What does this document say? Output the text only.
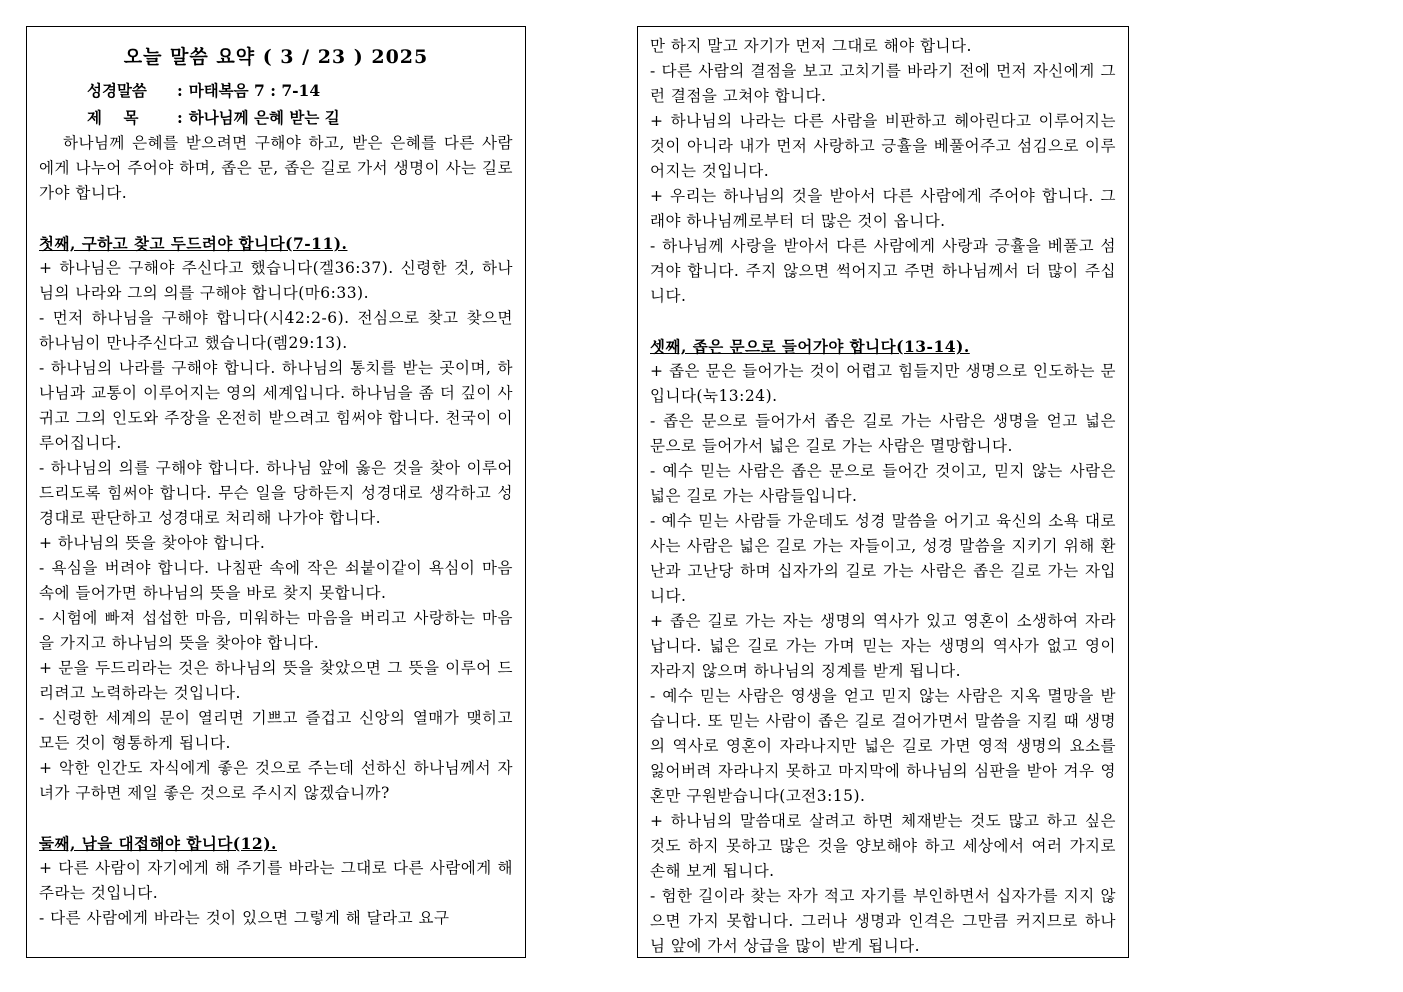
오늘 말씀 요약 ( 3 / 23 ) 2025
성경말씀 : 마태복음 7 : 7-14
제    목 : 하나님께 은혜 받는 길
하나님께 은혜를 받으려면 구해야 하고, 받은 은혜를 다른 사람에게 나누어 주어야 하며, 좁은 문, 좁은 길로 가서 생명이 사는 길로 가야 합니다.
첫째, 구하고 찾고 두드려야 합니다(7-11).
+ 하나님은 구해야 주신다고 했습니다(겔36:37). 신령한 것, 하나님의 나라와 그의 의를 구해야 합니다(마6:33).
- 먼저 하나님을 구해야 합니다(시42:2-6). 전심으로 찾고 찾으면 하나님이 만나주신다고 했습니다(렘29:13).
- 하나님의 나라를 구해야 합니다. 하나님의 통치를 받는 곳이며, 하나님과 교통이 이루어지는 영의 세계입니다. 하나님을 좀 더 깊이 사귀고 그의 인도와 주장을 온전히 받으려고 힘써야 합니다. 천국이 이루어집니다.
- 하나님의 의를 구해야 합니다. 하나님 앞에 옳은 것을 찾아 이루어 드리도록 힘써야 합니다. 무슨 일을 당하든지 성경대로 생각하고 성경대로 판단하고 성경대로 처리해 나가야 합니다.
+ 하나님의 뜻을 찾아야 합니다.
- 욕심을 버려야 합니다. 나침판 속에 작은 쇠붙이같이 욕심이 마음속에 들어가면 하나님의 뜻을 바로 찾지 못합니다.
- 시험에 빠져 섭섭한 마음, 미워하는 마음을 버리고 사랑하는 마음을 가지고 하나님의 뜻을 찾아야 합니다.
+ 문을 두드리라는 것은 하나님의 뜻을 찾았으면 그 뜻을 이루어 드리려고 노력하라는 것입니다.
- 신령한 세계의 문이 열리면 기쁘고 즐겁고 신앙의 열매가 맺히고 모든 것이 형통하게 됩니다.
+ 악한 인간도 자식에게 좋은 것으로 주는데 선하신 하나님께서 자녀가 구하면 제일 좋은 것으로 주시지 않겠습니까?
둘째, 남을 대접해야 합니다(12).
+ 다른 사람이 자기에게 해 주기를 바라는 그대로 다른 사람에게 해 주라는 것입니다.
- 다른 사람에게 바라는 것이 있으면 그렇게 해 달라고 요구
만 하지 말고 자기가 먼저 그대로 해야 합니다.
- 다른 사람의 결점을 보고 고치기를 바라기 전에 먼저 자신에게 그런 결점을 고쳐야 합니다.
+ 하나님의 나라는 다른 사람을 비판하고 헤아린다고 이루어지는 것이 아니라 내가 먼저 사랑하고 긍휼을 베풀어주고 섬김으로 이루어지는 것입니다.
+ 우리는 하나님의 것을 받아서 다른 사람에게 주어야 합니다. 그래야 하나님께로부터 더 많은 것이 옵니다.
- 하나님께 사랑을 받아서 다른 사람에게 사랑과 긍휼을 베풀고 섬겨야 합니다. 주지 않으면 썩어지고 주면 하나님께서 더 많이 주십니다.
셋째, 좁은 문으로 들어가야 합니다(13-14).
+ 좁은 문은 들어가는 것이 어렵고 힘들지만 생명으로 인도하는 문입니다(눅13:24).
- 좁은 문으로 들어가서 좁은 길로 가는 사람은 생명을 얻고 넓은 문으로 들어가서 넓은 길로 가는 사람은 멸망합니다.
- 예수 믿는 사람은 좁은 문으로 들어간 것이고, 믿지 않는 사람은 넓은 길로 가는 사람들입니다.
- 예수 믿는 사람들 가운데도 성경 말씀을 어기고 육신의 소욕 대로 사는 사람은 넓은 길로 가는 자들이고, 성경 말씀을 지키기 위해 환난과 고난당 하며 십자가의 길로 가는 사람은 좁은 길로 가는 자입니다.
+ 좁은 길로 가는 자는 생명의 역사가 있고 영혼이 소생하여 자라납니다. 넓은 길로 가는 가며 믿는 자는 생명의 역사가 없고 영이 자라지 않으며 하나님의 징계를 받게 됩니다.
- 예수 믿는 사람은 영생을 얻고 믿지 않는 사람은 지옥 멸망을 받습니다. 또 믿는 사람이 좁은 길로 걸어가면서 말씀을 지킬 때 생명의 역사로 영혼이 자라나지만 넓은 길로 가면 영적 생명의 요소를 잃어버려 자라나지 못하고 마지막에 하나님의 심판을 받아 겨우 영혼만 구원받습니다(고전3:15).
+ 하나님의 말씀대로 살려고 하면 체재받는 것도 많고 하고 싶은 것도 하지 못하고 많은 것을 양보해야 하고 세상에서 여러 가지로 손해 보게 됩니다.
- 험한 길이라 찾는 자가 적고 자기를 부인하면서 십자가를 지지 않으면 가지 못합니다. 그러나 생명과 인격은 그만큼 커지므로 하나님 앞에 가서 상급을 많이 받게 됩니다.
